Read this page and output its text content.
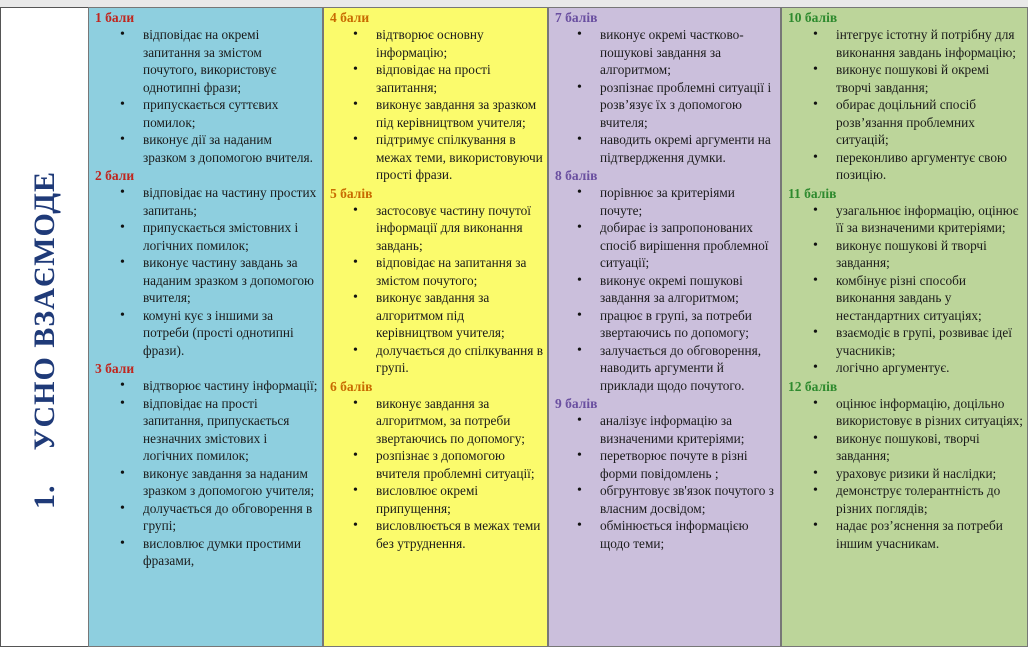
1.УСНО ВЗАЄМОДЕ
1 бали
• відповідає на окремі запитання за змістом почутого, використовує однотипні фрази;
• припускається суттєвих помилок;
• виконує дії за наданим зразком з допомогою вчителя.
2 бали
• відповідає на частину простих запитань;
• припускається змістовних і логічних помилок;
• виконує частину завдань за наданим зразком з допомогою вчителя;
• комуні кує з іншими за потреби (прості однотипні фрази).
3 бали
• відтворює частину інформації;
• відповідає на прості запитання, припускається незначних змістових і логічних помилок;
• виконує завдання за наданим зразком з допомогою учителя;
• долучається до обговорення в групі;
• висловлює думки простими фразами,
4 бали
• відтворює основну інформацію;
• відповідає на прості запитання;
• виконує завдання за зразком під керівництвом учителя;
• підтримує спілкування в межах теми, використовуючи прості фрази.
5 балів
• застосовує частину почутої інформації для виконання завдань;
• відповідає на запитання за змістом почутого;
• виконує завдання за алгоритмом під керівництвом учителя;
• долучається до спілкування в групі.
6 балів
• виконує завдання за алгоритмом, за потреби звертаючись по допомогу;
• розпізнає з допомогою вчителя проблемні ситуації;
• висловлює окремі припущення;
• висловлюється в межах теми без утруднення.
7 балів
• виконує окремі частково-пошукові завдання за алгоритмом;
• розпізнає проблемні ситуації і розв’язує їх з допомогою вчителя;
• наводить окремі аргументи на підтвердження думки.
8 балів
• порівнює за критеріями почуте;
• добирає із запропонованих спосіб вирішення проблемної ситуації;
• виконує окремі пошукові завдання за алгоритмом;
• працює в групі, за потреби звертаючись по допомогу;
• залучається до обговорення, наводить аргументи й приклади щодо почутого.
9 балів
• аналізує інформацію за визначеними критеріями;
• перетворює почуте в різні форми повідомлень ;
• обгрунтовує зв'язок почутого з власним досвідом;
• обмінюється інформацією щодо теми;
10 балів
• інтегрує істотну й потрібну для виконання завдань інформацію;
• виконує пошукові й окремі творчі завдання;
• обирає доцільний спосіб розв’язання проблемних ситуацій;
• переконливо аргументує свою позицію.
11 балів
• узагальнює інформацію, оцінює її за визначеними критеріями;
• виконує пошукові й творчі завдання;
• комбінує різні способи виконання завдань у нестандартних ситуаціях;
• взаємодіє в групі, розвиває ідеї учасників;
• логічно аргументує.
12 балів
• оцінює інформацію, доцільно використовує в різних ситуаціях;
• виконує пошукові, творчі завдання;
• ураховує ризики й наслідки;
• демонструє толерантність до різних поглядів;
• надає роз’яснення за потреби іншим учасникам.
